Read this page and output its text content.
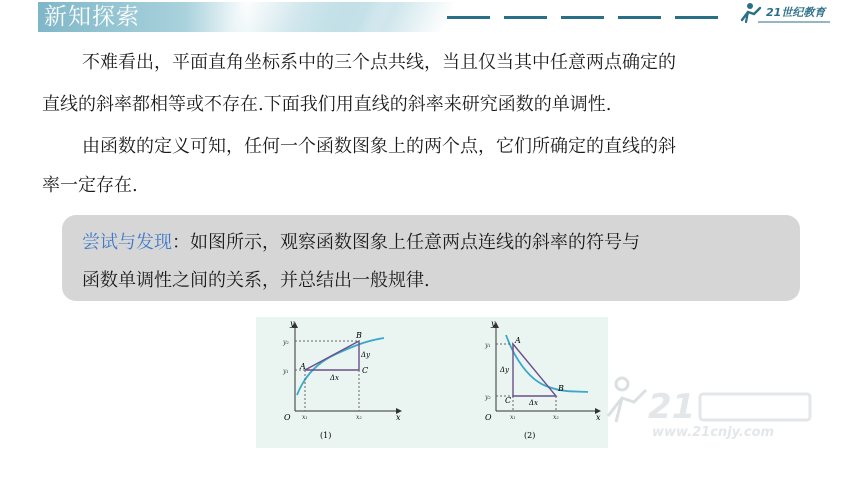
新知探索	21世纪教育
不难看出，平面直角坐标系中的三个点共线，当且仅当其中任意两点确定的
直线的斜率都相等或不存在.下面我们用直线的斜率来研究函数的单调性.
由函数的定义可知，任何一个函数图象上的两个点，它们所确定的直线的斜
率一定存在.
尝试与发现：如图所示，观察函数图象上任意两点连线的斜率的符号与
函数单调性之间的关系，并总结出一般规律.
y
x
O
A
B
C
Δx
Δy
x₁	x₂
y₁
y₂
(1)
y
x
O
A
B
C	Δx
Δy
x₁	x₂
y₁
y₂
(2)
21
www.21cnjy.com
